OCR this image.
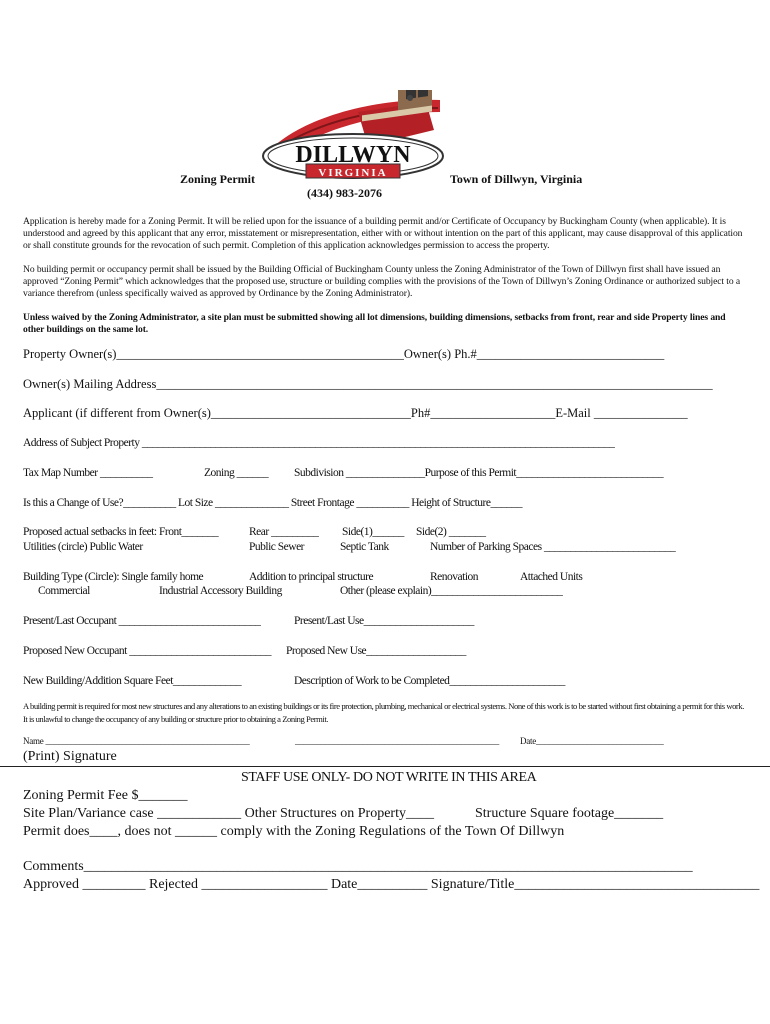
DILLWYN
VIRGINIA
Zoning Permit	Town of Dillwyn, Virginia
(434) 983-2076
Application is hereby made for a Zoning Permit. It will be relied upon for the issuance of a building permit and/or Certificate of Occupancy by Buckingham County (when applicable). It is understood and agreed by this applicant that any error, misstatement or misrepresentation, either with or without intention on the part of this applicant, may cause disapproval of this application or shall constitute grounds for the revocation of such permit. Completion of this application acknowledges permission to access the property.
No building permit or occupancy permit shall be issued by the Building Official of Buckingham County unless the Zoning Administrator of the Town of Dillwyn first shall have issued an approved “Zoning Permit” which acknowledges that the proposed use, structure or building complies with the provisions of the Town of Dillwyn’s Zoning Ordinance or authorized subject to a variance therefrom (unless specifically waived as approved by Ordinance by the Zoning Administrator).
Unless waived by the Zoning Administrator, a site plan must be submitted showing all lot dimensions, building dimensions, setbacks from front, rear and side Property lines and other buildings on the same lot.
Property Owner(s)______________________________________________Owner(s) Ph.#______________________________
Owner(s) Mailing Address_________________________________________________________________________________________
Applicant (if different from Owner(s)________________________________Ph#____________________E-Mail _______________
Address of Subject Property __________________________________________________________________________________________
Tax Map Number __________	Zoning ______ Subdivision _______________Purpose of this Permit____________________________
Is this a Change of Use?__________ Lot Size ______________ Street Frontage __________ Height of Structure______
Proposed actual setbacks in feet: Front_______	Rear _________ Side(1)______ Side(2) _______
Utilities (circle) Public Water	Public Sewer	Septic Tank	Number of Parking Spaces _________________________
Building Type (Circle): Single family home	Addition to principal structure	Renovation	Attached Units
Commercial	Industrial Accessory Building	Other (please explain)_________________________
Present/Last Occupant ___________________________	Present/Last Use_____________________
Proposed New Occupant ___________________________ Proposed New Use___________________
New Building/Addition Square Feet_____________	Description of Work to be Completed______________________
A building permit is required for most new structures and any alterations to an existing buildings or its fire protection, plumbing, mechanical or electrical systems. None of this work is to be started without first obtaining a permit for this work. It is unlawful to change the occupancy of any building or structure prior to obtaining a Zoning Permit.
Name ________________________________________________	________________________________________________ Date______________________________
(Print) Signature
STAFF USE ONLY- DO NOT WRITE IN THIS AREA
Zoning Permit Fee $_______
Site Plan/Variance case ____________ Other Structures on Property____	Structure Square footage_______
Permit does____, does not ______ comply with the Zoning Regulations of the Town Of Dillwyn
Comments_______________________________________________________________________________________
Approved _________ Rejected __________________ Date__________ Signature/Title___________________________________
